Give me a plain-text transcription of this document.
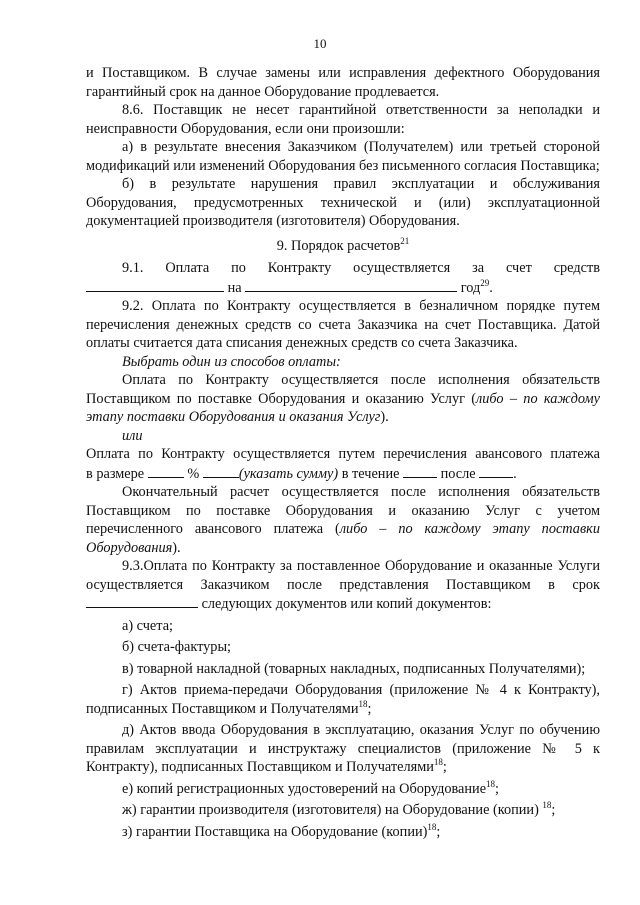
10

и Поставщиком. В случае замены или исправления дефектного Оборудования

гарантийный срок на данное Оборудование продлевается.

8.6. Поставщик не несет гарантийной ответственности за неполадки и неисправности Оборудования, если они произошли:

а) в результате внесения Заказчиком (Получателем) или третьей стороной модификаций или изменений Оборудования без письменного согласия Поставщика;

б) в результате нарушения правил эксплуатации и обслуживания Оборудования, предусмотренных технической и (или) эксплуатационной документацией производителя (изготовителя) Оборудования.

9. Порядок расчетов$^{21}$

9.1. Оплата по Контракту осуществляется за счет средств

на	год$^{29}$.

9.2. Оплата по Контракту осуществляется в безналичном порядке путем перечисления денежных средств со счета Заказчика на счет Поставщика. Датой оплаты считается дата списания денежных средств со счета Заказчика.

Выбрать один из способов оплаты:

Оплата по Контракту осуществляется после исполнения обязательств Поставщиком по поставке Оборудования и оказанию Услуг (либо – по каждому этапу поставки Оборудования и оказания Услуг).

или

Оплата по Контракту осуществляется путем перечисления авансового платежа

в размере	%	(указать сумму) в течение	после	.

Окончательный расчет осуществляется после исполнения обязательств Поставщиком по поставке Оборудования и оказанию Услуг с учетом перечисленного авансового платежа (либо – по каждому этапу поставки Оборудования).

9.3.Оплата по Контракту за поставленное Оборудование и оказанные Услуги осуществляется Заказчиком после представления Поставщиком в срок  следующих документов или копий документов:

а) счета;

б) счета-фактуры;

в) товарной накладной (товарных накладных, подписанных Получателями);

г) Актов приема-передачи Оборудования (приложение № 4 к Контракту), подписанных Поставщиком и Получателями$^{18}$;

д) Актов ввода Оборудования в эксплуатацию, оказания Услуг по обучению правилам эксплуатации и инструктажу специалистов (приложение № 5 к Контракту), подписанных Поставщиком и Получателями$^{18}$;

е) копий регистрационных удостоверений на Оборудование$^{18}$;

ж) гарантии производителя (изготовителя) на Оборудование (копии) $^{18}$;

з) гарантии Поставщика на Оборудование (копии)$^{18}$;
